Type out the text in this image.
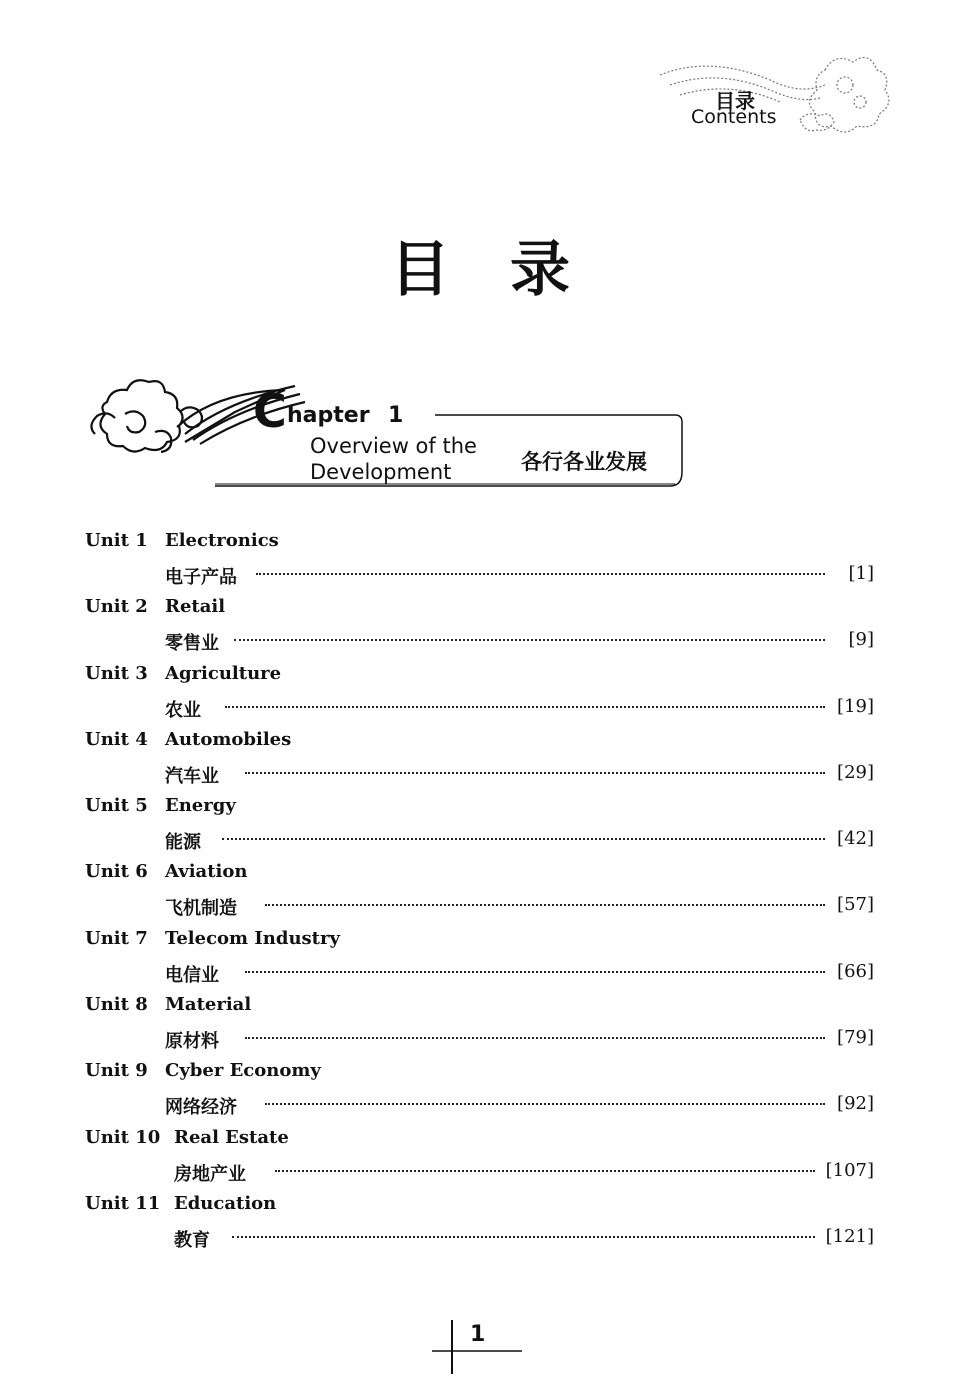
目录
Contents
目录
C hapter 1
Overview of the
Development	各行各业发展
Unit 1 Electronics
电子产品	[1]
Unit 2 Retail
零售业	[9]
Unit 3 Agriculture
农业	[19]
Unit 4 Automobiles
汽车业	[29]
Unit 5 Energy
能源	[42]
Unit 6 Aviation
飞机制造	[57]
Unit 7 Telecom Industry
电信业	[66]
Unit 8 Material
原材料	[79]
Unit 9 Cyber Economy
网络经济	[92]
Unit 10 Real Estate
房地产业	[107]
Unit 11 Education
教育	[121]
1
